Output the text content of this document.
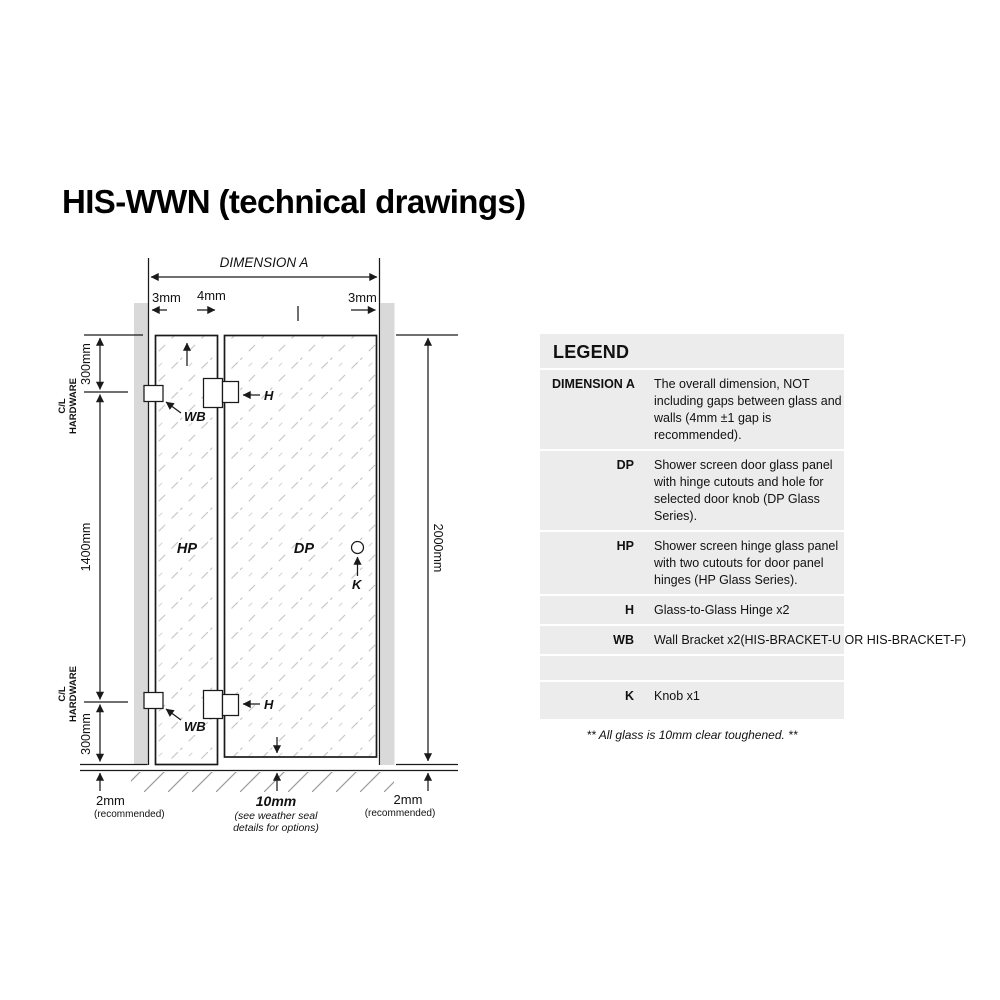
HIS-WWN (technical drawings)
HP	DP
DIMENSION A
3mm 4mm	3mm
300mm
C/L HARDWARE
1400mm
C/L HARDWARE
300mm
2000mm
WB
H
WB
H
K
2mm
(recommended)
10mm
(see weather seal
details for options)
2mm
(recommended)
LEGEND
DIMENSION A The overall dimension, NOT including gaps between glass and walls (4mm ±1 gap is recommended).
DP Shower screen door glass panel with hinge cutouts and hole for selected door knob (DP Glass Series).
HP Shower screen hinge glass panel with two cutouts for door panel hinges (HP Glass Series).
H Glass-to-Glass Hinge x2
WB Wall Bracket x2(HIS-BRACKET-U OR HIS-BRACKET-F)
K Knob x1

** All glass is 10mm clear toughened. **
